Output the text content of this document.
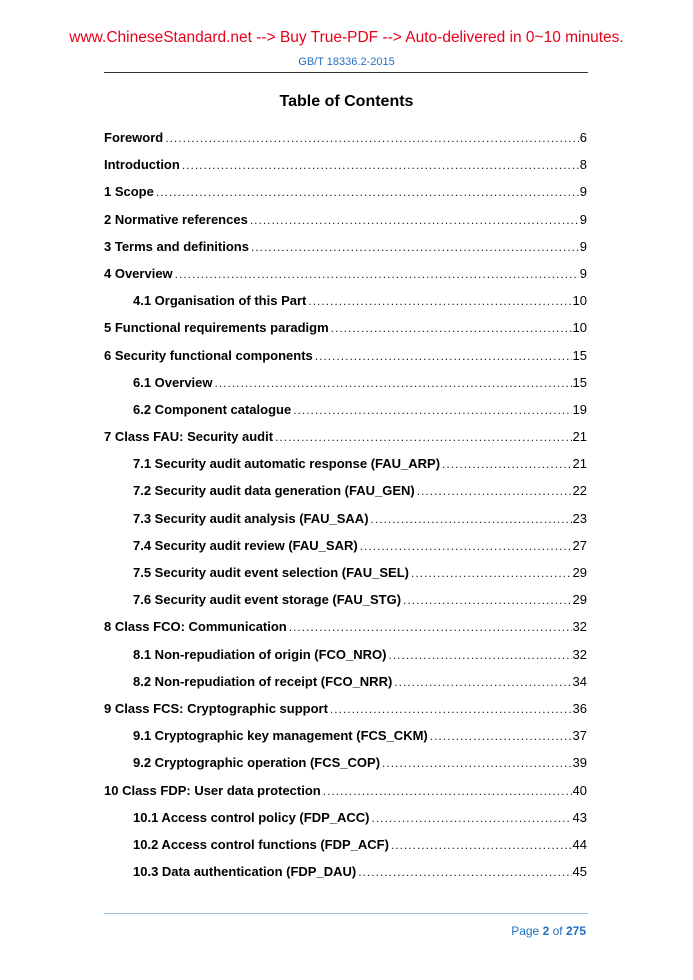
www.ChineseStandard.net --> Buy True-PDF --> Auto-delivered in 0~10 minutes.
GB/T 18336.2-2015
Table of Contents
Foreword .....	6
Introduction .....	8
1 Scope .....	9
2 Normative references .....	9
3 Terms and definitions .....	9
4 Overview .....	9
4.1 Organisation of this Part .....	10
5 Functional requirements paradigm .....	10
6 Security functional components .....	15
6.1 Overview .....	15
6.2 Component catalogue .....	19
7 Class FAU: Security audit .....	21
7.1 Security audit automatic response (FAU_ARP) .....	21
7.2 Security audit data generation (FAU_GEN) .....	22
7.3 Security audit analysis (FAU_SAA) .....	23
7.4 Security audit review (FAU_SAR) .....	27
7.5 Security audit event selection (FAU_SEL) .....	29
7.6 Security audit event storage (FAU_STG) .....	29
8 Class FCO: Communication .....	32
8.1 Non-repudiation of origin (FCO_NRO) .....	32
8.2 Non-repudiation of receipt (FCO_NRR) .....	34
9 Class FCS: Cryptographic support .....	36
9.1 Cryptographic key management (FCS_CKM) .....	37
9.2 Cryptographic operation (FCS_COP) .....	39
10 Class FDP: User data protection .....	40
10.1 Access control policy (FDP_ACC) .....	43
10.2 Access control functions (FDP_ACF) .....	44
10.3 Data authentication (FDP_DAU) .....	45
Page 2 of 275
